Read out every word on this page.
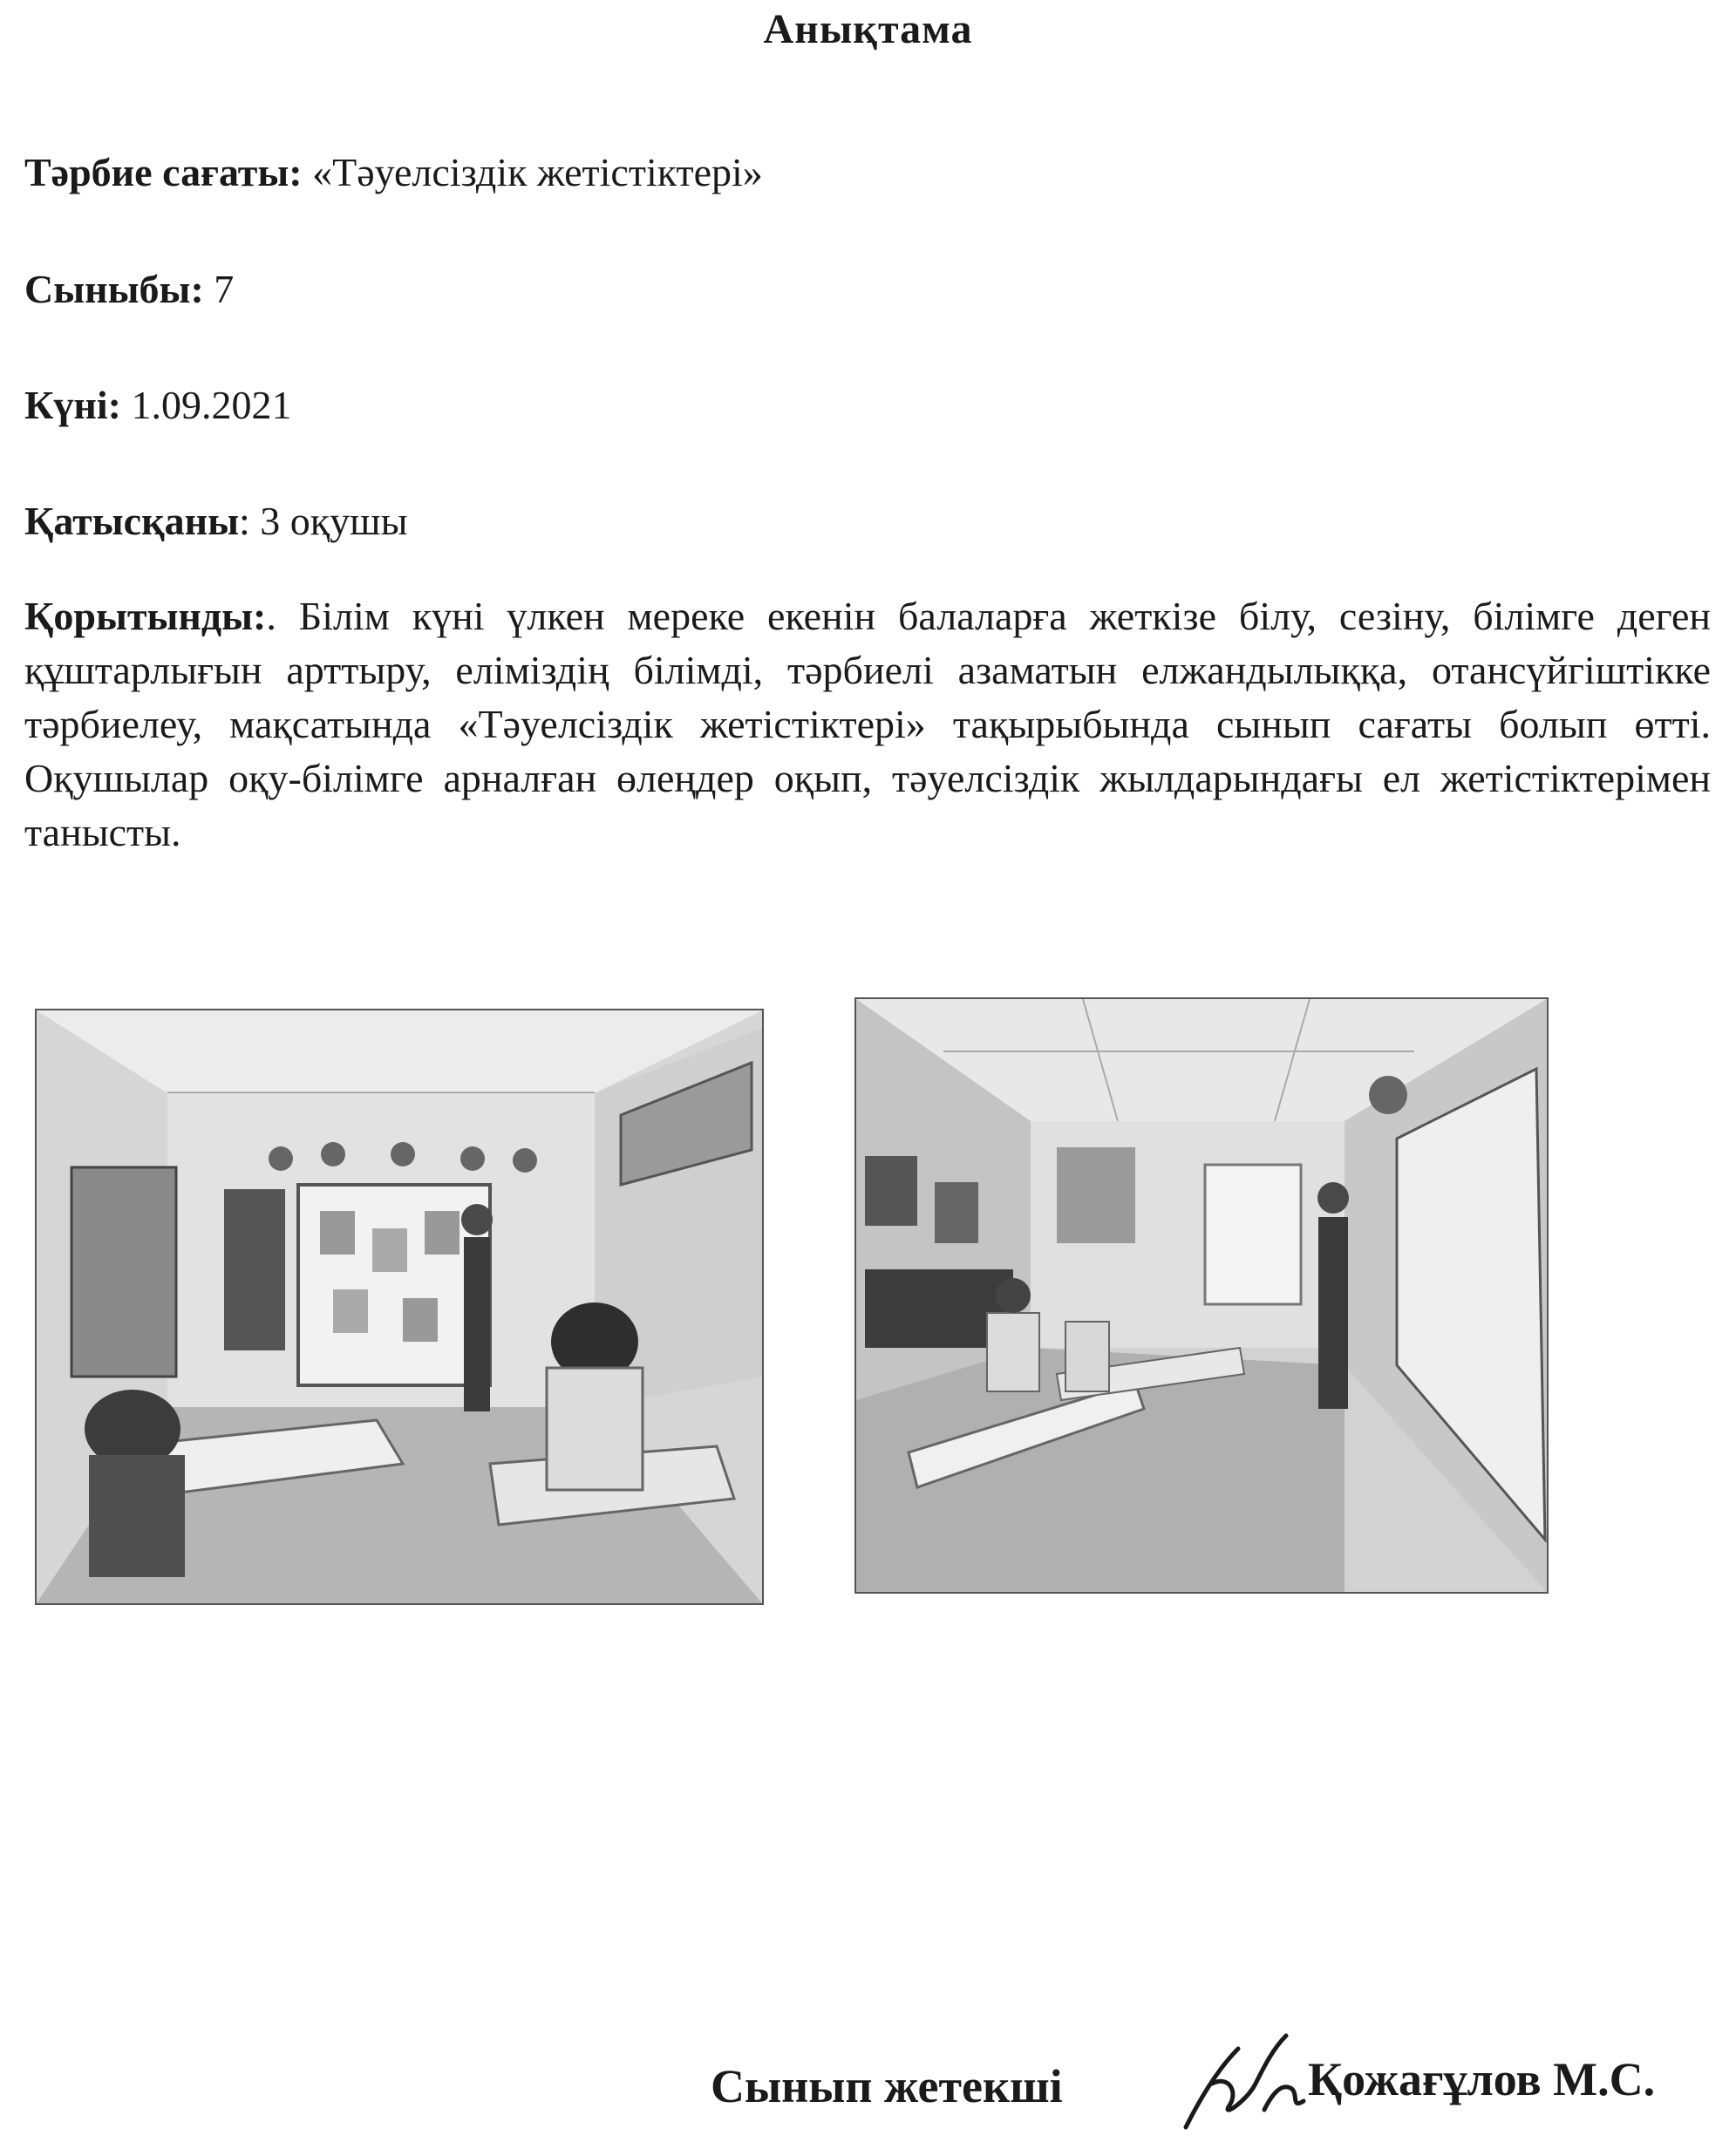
Анықтама
Тәрбие сағаты: «Тәуелсіздік жетістіктері»
Сыныбы: 7
Күні: 1.09.2021
Қатысқаны: 3 оқушы
Қорытынды:. Білім күні үлкен мереке екенін балаларға жеткізе білу, сезіну, білімге деген құштарлығын арттыру, еліміздің білімді, тәрбиелі азаматын елжандылыққа, отансүйгіштікке тәрбиелеу, мақсатында «Тәуелсіздік жетістіктері» тақырыбында сынып сағаты болып өтті. Оқушылар оқу-білімге арналған өлеңдер оқып, тәуелсіздік жылдарындағы ел жетістіктерімен танысты.
Сынып жетекші	Қожағұлов М.С.
